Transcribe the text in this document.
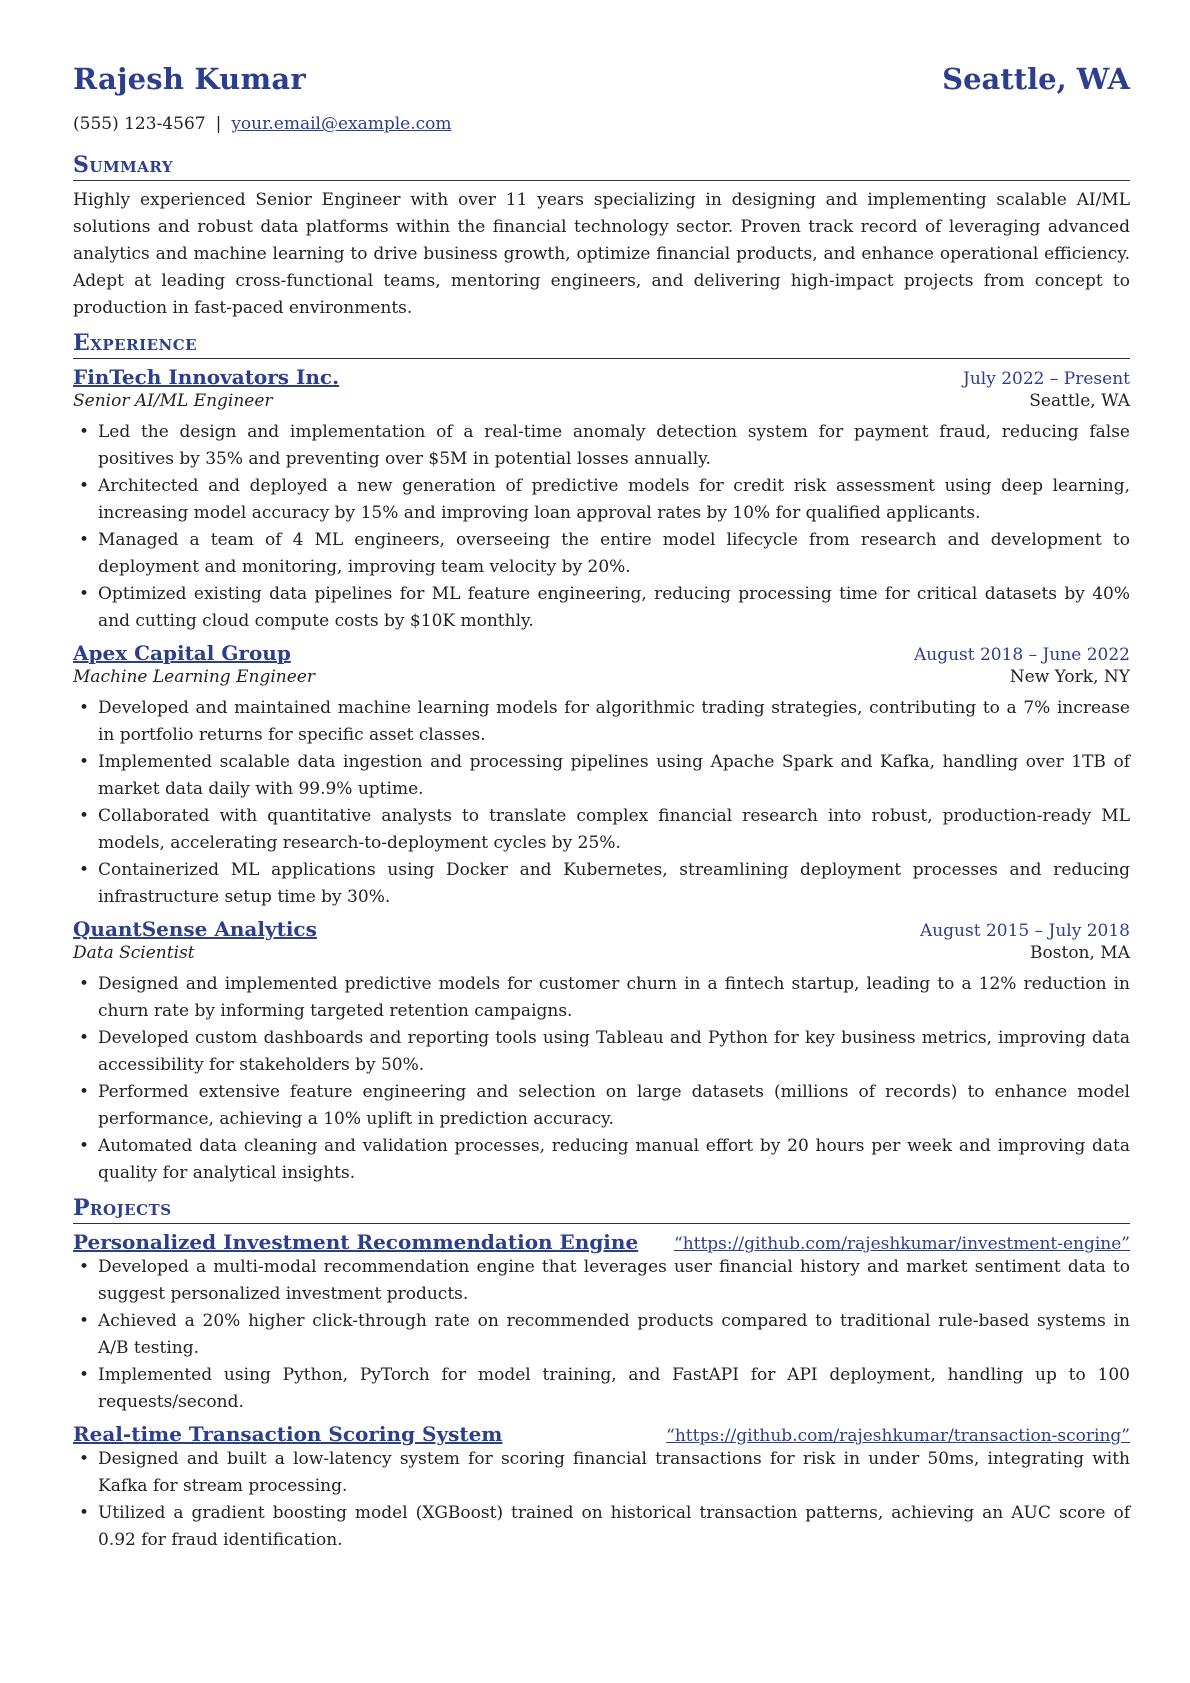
Rajesh Kumar	Seattle, WA
(555) 123-4567 | your.email@example.com
Summary
Highly experienced Senior Engineer with over 11 years specializing in designing and implementing scalable AI/ML solutions and robust data platforms within the financial technology sector. Proven track record of leveraging advanced analytics and machine learning to drive business growth, optimize financial products, and enhance operational efficiency. Adept at leading cross-functional teams, mentoring engineers, and delivering high-impact projects from concept to production in fast-paced environments.
Experience
FinTech Innovators Inc.	July 2022 – Present
Senior AI/ML Engineer	Seattle, WA
• Led the design and implementation of a real-time anomaly detection system for payment fraud, reducing false positives by 35% and preventing over $5M in potential losses annually.
• Architected and deployed a new generation of predictive models for credit risk assessment using deep learning, increasing model accuracy by 15% and improving loan approval rates by 10% for qualified applicants.
• Managed a team of 4 ML engineers, overseeing the entire model lifecycle from research and development to deployment and monitoring, improving team velocity by 20%.
• Optimized existing data pipelines for ML feature engineering, reducing processing time for critical datasets by 40% and cutting cloud compute costs by $10K monthly.
Apex Capital Group	August 2018 – June 2022
Machine Learning Engineer	New York, NY
• Developed and maintained machine learning models for algorithmic trading strategies, contributing to a 7% increase in portfolio returns for specific asset classes.
• Implemented scalable data ingestion and processing pipelines using Apache Spark and Kafka, handling over 1TB of market data daily with 99.9% uptime.
• Collaborated with quantitative analysts to translate complex financial research into robust, production-ready ML models, accelerating research-to-deployment cycles by 25%.
• Containerized ML applications using Docker and Kubernetes, streamlining deployment processes and reducing infrastructure setup time by 30%.
QuantSense Analytics	August 2015 – July 2018
Data Scientist	Boston, MA
• Designed and implemented predictive models for customer churn in a fintech startup, leading to a 12% reduction in churn rate by informing targeted retention campaigns.
• Developed custom dashboards and reporting tools using Tableau and Python for key business metrics, improving data accessibility for stakeholders by 50%.
• Performed extensive feature engineering and selection on large datasets (millions of records) to enhance model performance, achieving a 10% uplift in prediction accuracy.
• Automated data cleaning and validation processes, reducing manual effort by 20 hours per week and improving data quality for analytical insights.
Projects
Personalized Investment Recommendation Engine “https://github.com/rajeshkumar/investment-engine”
• Developed a multi-modal recommendation engine that leverages user financial history and market sentiment data to suggest personalized investment products.
• Achieved a 20% higher click-through rate on recommended products compared to traditional rule-based systems in A/B testing.
• Implemented using Python, PyTorch for model training, and FastAPI for API deployment, handling up to 100 requests/second.
Real-time Transaction Scoring System	“https://github.com/rajeshkumar/transaction-scoring”
• Designed and built a low-latency system for scoring financial transactions for risk in under 50ms, integrating with Kafka for stream processing.
• Utilized a gradient boosting model (XGBoost) trained on historical transaction patterns, achieving an AUC score of 0.92 for fraud identification.
